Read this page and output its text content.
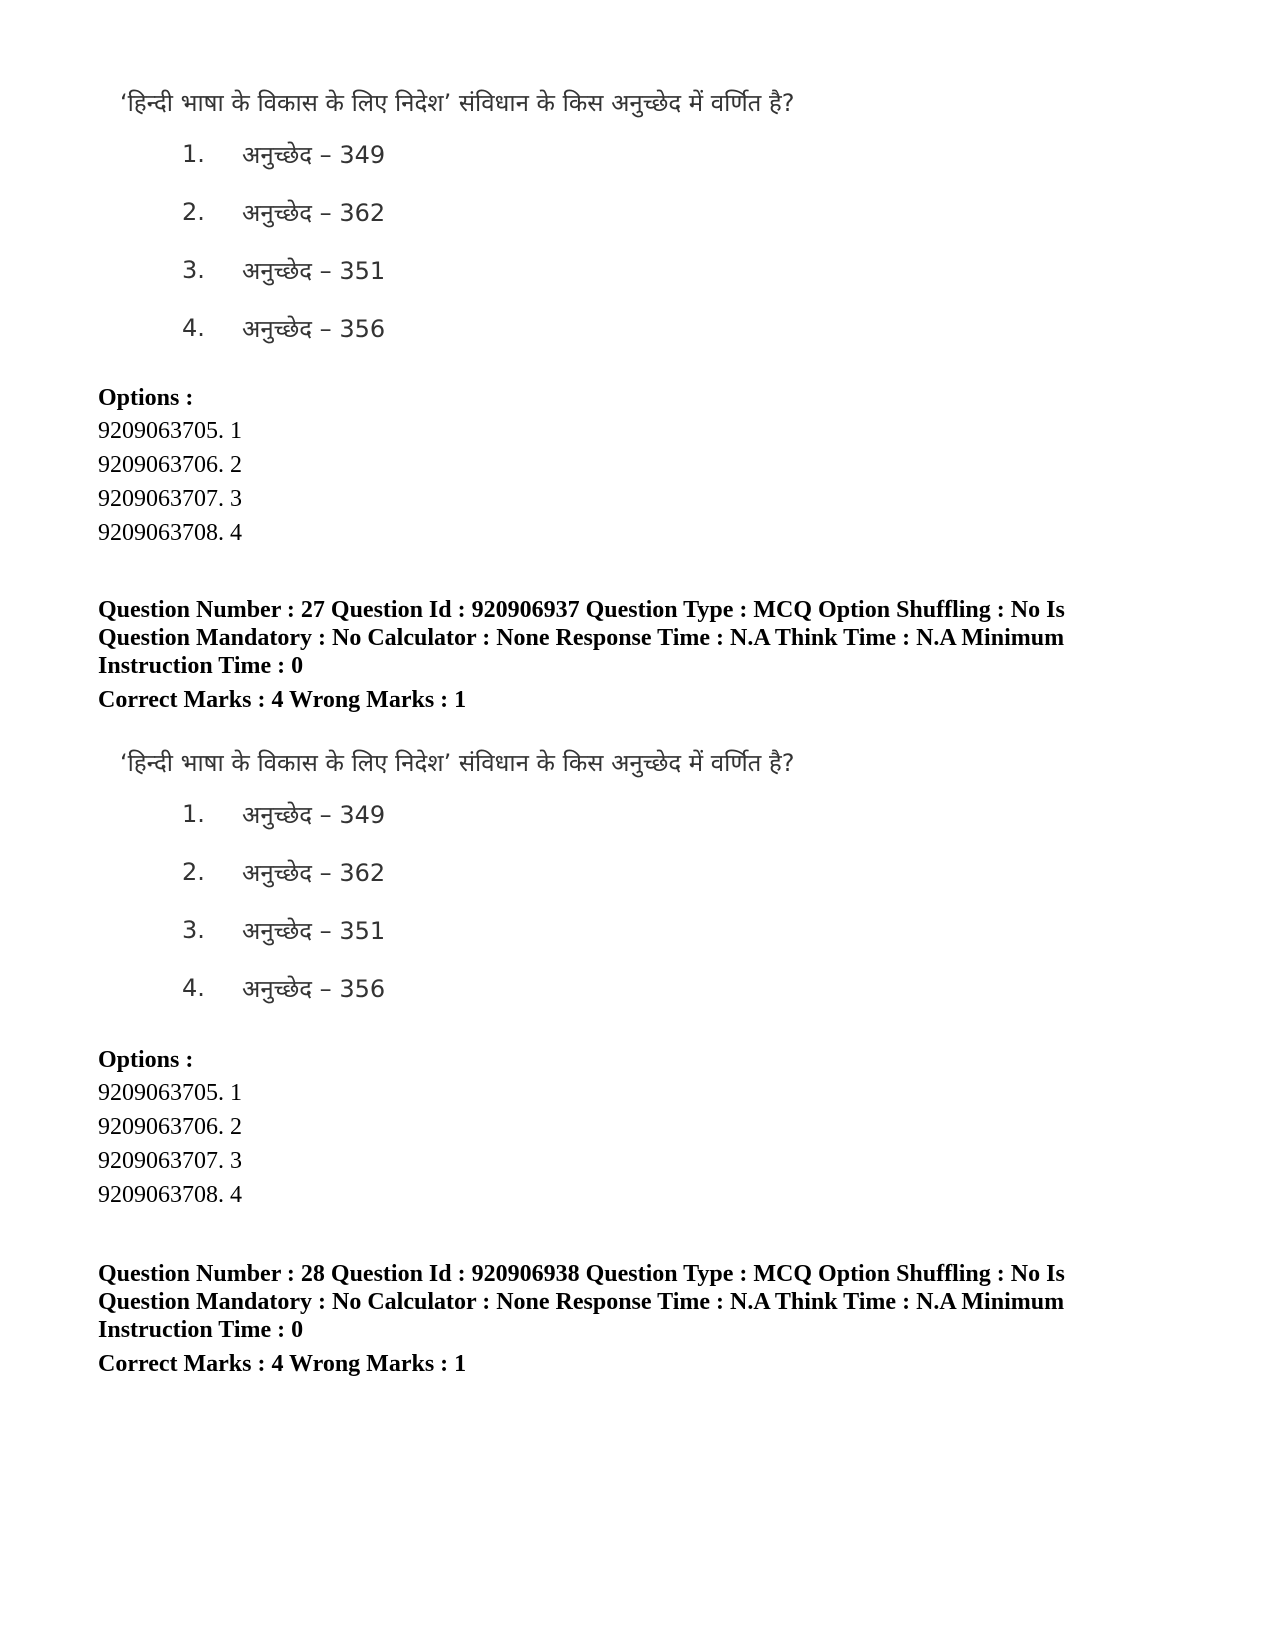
‘हिन्दी भाषा के विकास के लिए निदेश’ संविधान के किस अनुच्छेद में वर्णित है?

1. अनुच्छेद – 349
2. अनुच्छेद – 362
3. अनुच्छेद – 351
4. अनुच्छेद – 356

Options :

9209063705. 1

9209063706. 2

9209063707. 3

9209063708. 4

Question Number : 27 Question Id : 920906937 Question Type : MCQ Option Shuffling : No Is Question Mandatory : No Calculator : None Response Time : N.A Think Time : N.A Minimum Instruction Time : 0

Correct Marks : 4 Wrong Marks : 1

‘हिन्दी भाषा के विकास के लिए निदेश’ संविधान के किस अनुच्छेद में वर्णित है?

1. अनुच्छेद – 349
2. अनुच्छेद – 362
3. अनुच्छेद – 351
4. अनुच्छेद – 356

Options :

9209063705. 1

9209063706. 2

9209063707. 3

9209063708. 4

Question Number : 28 Question Id : 920906938 Question Type : MCQ Option Shuffling : No Is Question Mandatory : No Calculator : None Response Time : N.A Think Time : N.A Minimum Instruction Time : 0

Correct Marks : 4 Wrong Marks : 1
